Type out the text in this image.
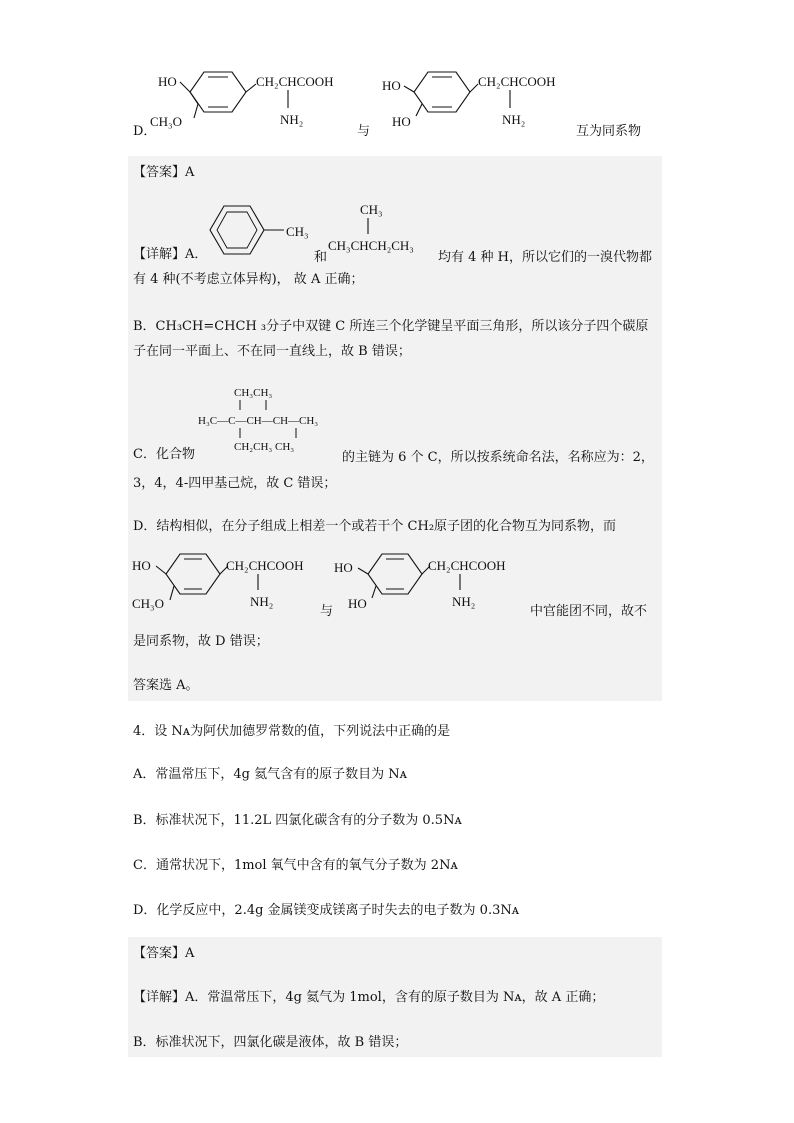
D．
HO
CH₃O
CH₂CHCOOH
NH₂
与
HO
HO
CH₂CHCOOH
NH₂
互为同系物
【答案】A
【详解】A．
CH₃
和
CH₃
CH₃CHCH₂CH₃
均有 4 种 H，所以它们的一溴代物都
有 4 种(不考虑立体异构)， 故 A 正确；
B．CH₃CH=CHCH ₃分子中双键 C 所连三个化学键呈平面三角形，所以该分子四个碳原
子在同一平面上、不在同一直线上，故 B 错误；
CH₃CH₃
H₃C—C—CH—CH—CH₃
CH₂CH₃ CH₃
C．化合物	的主链为 6 个 C，所以按系统命名法，名称应为：2，
3，4，4-四甲基己烷，故 C 错误；
D．结构相似，在分子组成上相差一个或若干个 CH₂原子团的化合物互为同系物，而
HO
CH₃O
CH₂CHCOOH
NH₂
与
HO
HO
CH₂CHCOOH
NH₂
中官能团不同，故不
是同系物，故 D 错误；
答案选 A。
4．设 Nᴀ为阿伏加德罗常数的值，下列说法中正确的是
A．常温常压下，4g 氦气含有的原子数目为 Nᴀ
B．标准状况下，11.2L 四氯化碳含有的分子数为 0.5Nᴀ
C．通常状况下，1mol 氧气中含有的氧气分子数为 2Nᴀ
D．化学反应中，2.4g 金属镁变成镁离子时失去的电子数为 0.3Nᴀ
【答案】A
【详解】A．常温常压下，4g 氦气为 1mol，含有的原子数目为 Nᴀ，故 A 正确；
B．标准状况下，四氯化碳是液体，故 B 错误；
